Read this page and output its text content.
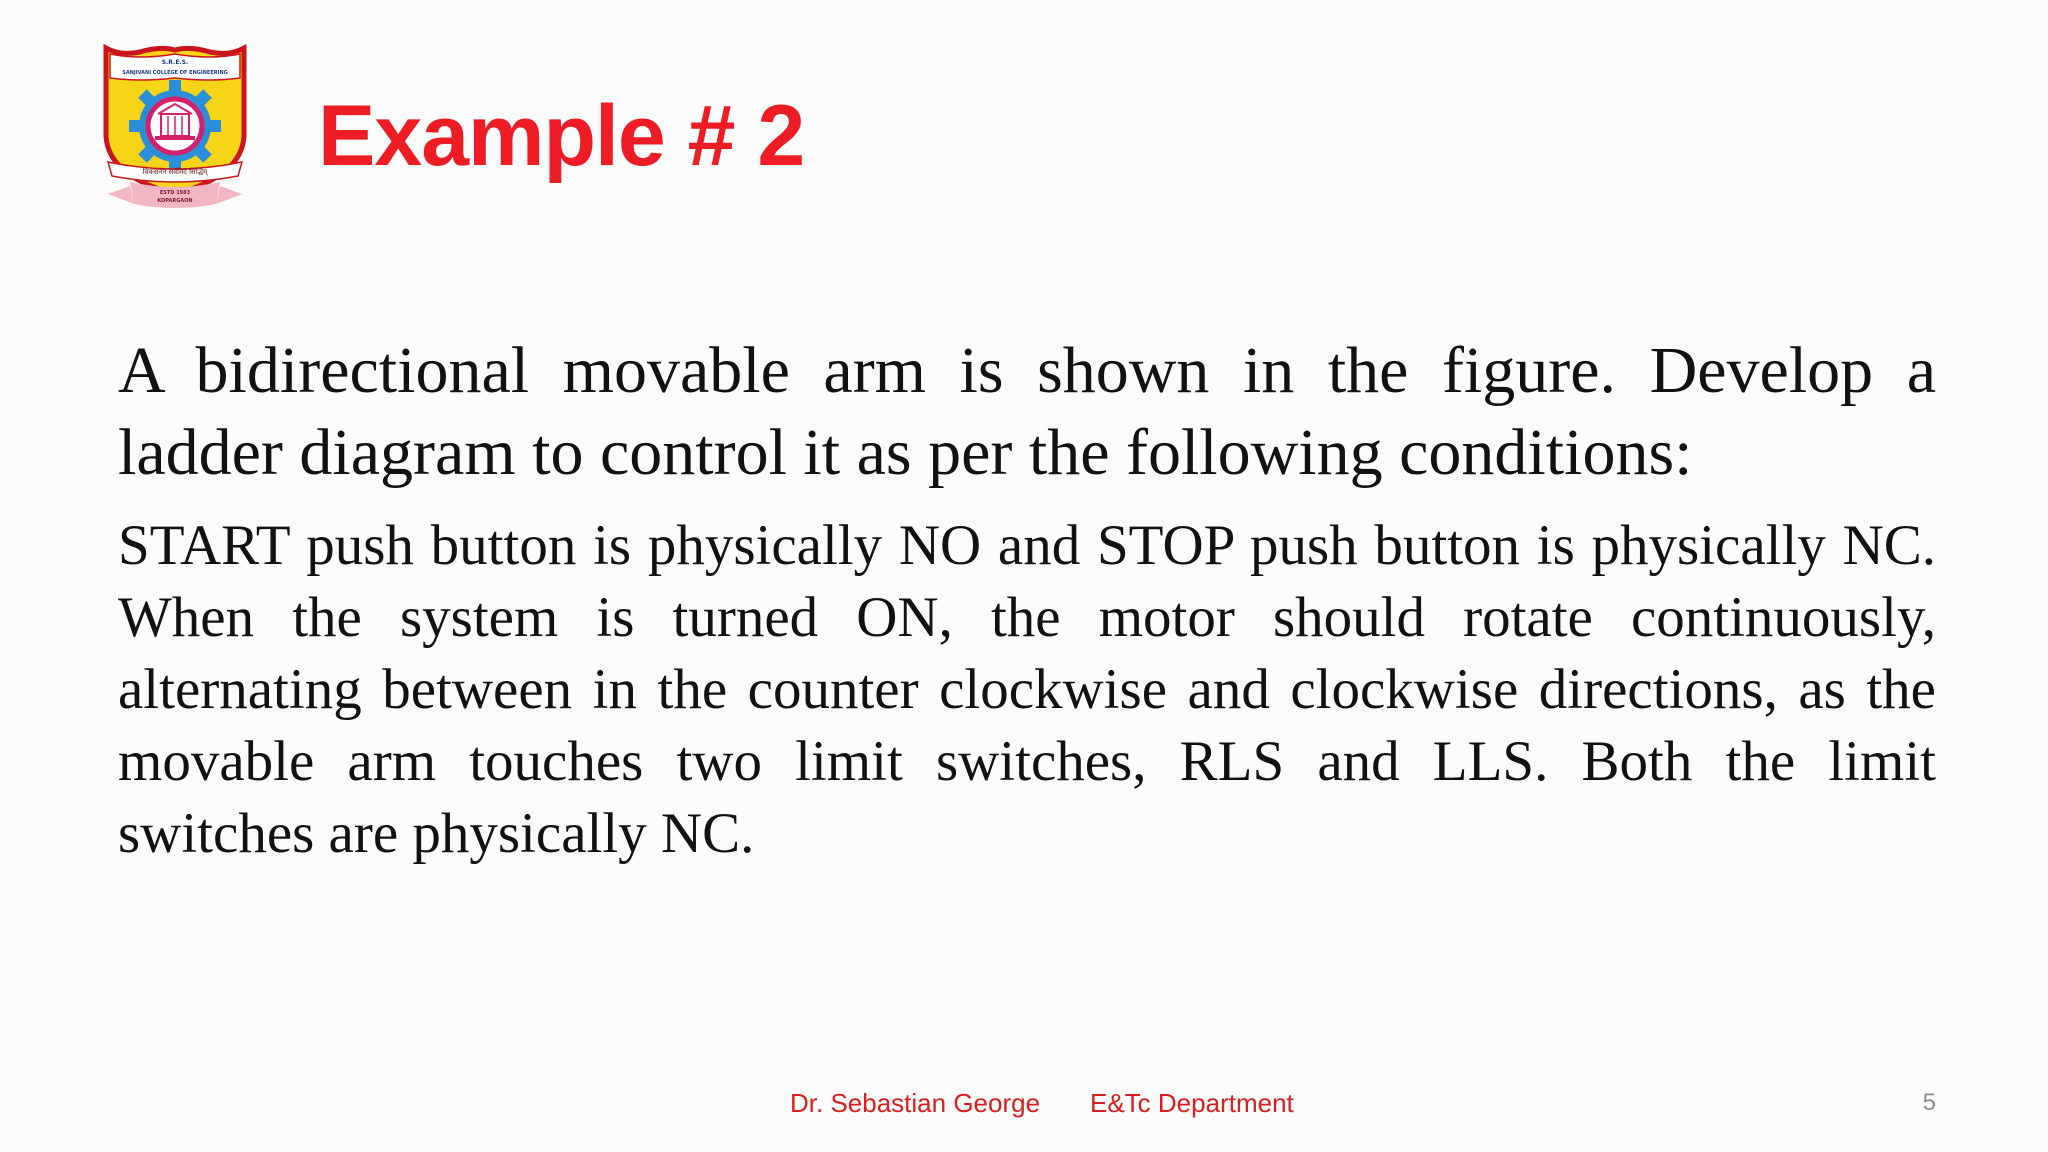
S.R.E.S.
SANJIVANI COLLEGE OF ENGINEERING
विकसनेन सर्वमिदं सिद्धिम्
ESTD 1983
KOPARGAON
Example # 2
A bidirectional movable arm is shown in the figure. Develop a ladder diagram to control it as per the following conditions:
START push button is physically NO and STOP push button is physically NC. When the system is turned ON, the motor should rotate continuously, alternating between in the counter clockwise and clockwise directions, as the movable arm touches two limit switches, RLS and LLS. Both the limit switches are physically NC.
Dr. Sebastian George E&Tc Department	5
